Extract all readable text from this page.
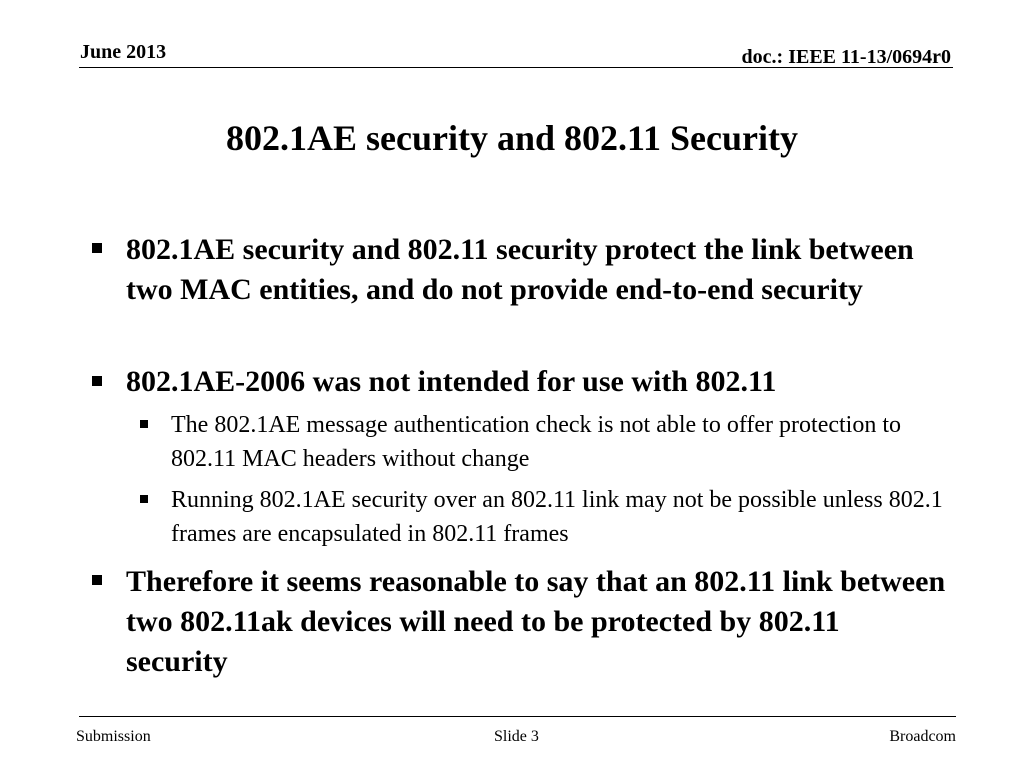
June 2013	doc.: IEEE 11-13/0694r0
802.1AE security and 802.11 Security
802.1AE security and 802.11 security protect the link between two MAC entities, and do not provide end-to-end security
802.1AE-2006 was not intended for use with 802.11
The 802.1AE message authentication check is not able to offer protection to 802.11 MAC headers without change
Running 802.1AE security over an 802.11 link may not be possible unless 802.1 frames are encapsulated in 802.11 frames
Therefore it seems reasonable to say that an 802.11 link between two 802.11ak devices will need to be protected by 802.11 security
Submission	Slide 3	Broadcom
